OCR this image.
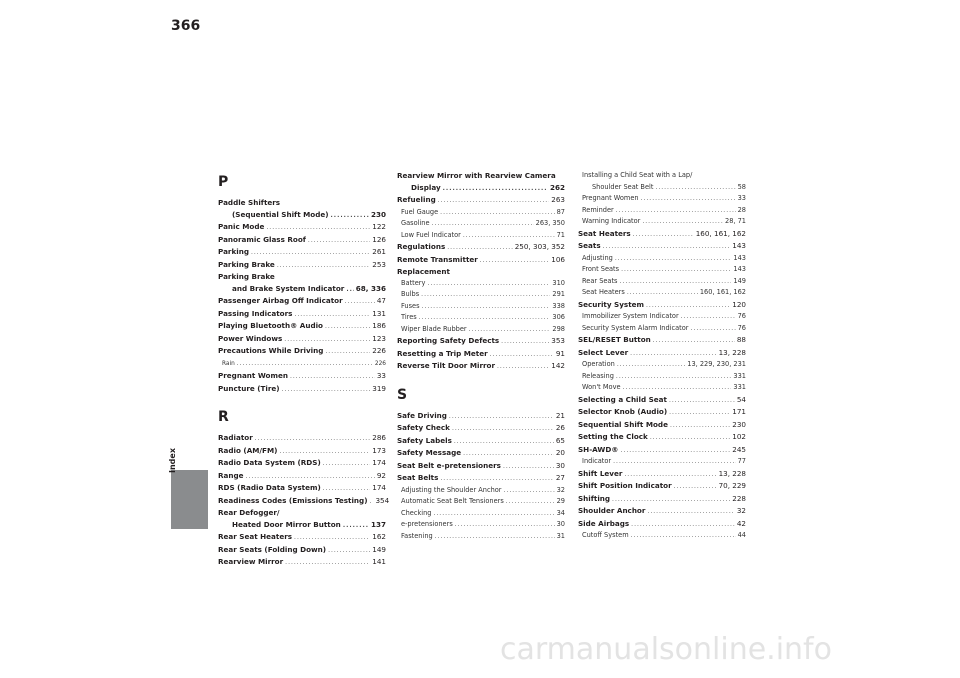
366
Index
P
Paddle Shifters
(Sequential Shift Mode) .....	230
Panic Mode .....	122
Panoramic Glass Roof .....	126
Parking .....	261
Parking Brake .....	253
Parking Brake
and Brake System Indicator ..... 68, 336
Passenger Airbag Off Indicator .....	47
Passing Indicators .....	131
Playing Bluetooth® Audio .....	186
Power Windows .....	123
Precautions While Driving .....	226
Rain .....	226
Pregnant Women .....	33
Puncture (Tire) .....	319
R
Radiator .....	286
Radio (AM/FM) .....	173
Radio Data System (RDS) .....	174
Range .....	92
RDS (Radio Data System) .....	174
Readiness Codes (Emissions Testing) ..... 354
Rear Defogger/
Heated Door Mirror Button .....	137
Rear Seat Heaters .....	162
Rear Seats (Folding Down) .....	149
Rearview Mirror .....	141
Rearview Mirror with Rearview Camera
Display .....	262
Refueling .....	263
Fuel Gauge .....	87
Gasoline .....	263, 350
Low Fuel Indicator .....	71
Regulations .....	250, 303, 352
Remote Transmitter .....	106
Replacement
Battery .....	310
Bulbs .....	291
Fuses .....	338
Tires .....	306
Wiper Blade Rubber .....	298
Reporting Safety Defects .....	353
Resetting a Trip Meter .....	91
Reverse Tilt Door Mirror .....	142
S
Safe Driving .....	21
Safety Check .....	26
Safety Labels .....	65
Safety Message .....	20
Seat Belt e-pretensioners .....	30
Seat Belts .....	27
Adjusting the Shoulder Anchor .....	32
Automatic Seat Belt Tensioners .....	29
Checking .....	34
e-pretensioners .....	30
Fastening .....	31
Installing a Child Seat with a Lap/
Shoulder Seat Belt .....	58
Pregnant Women .....	33
Reminder .....	28
Warning Indicator .....	28, 71
Seat Heaters .....	160, 161, 162
Seats .....	143
Adjusting .....	143
Front Seats .....	143
Rear Seats .....	149
Seat Heaters .....	160, 161, 162
Security System .....	120
Immobilizer System Indicator .....	76
Security System Alarm Indicator .....	76
SEL/RESET Button .....	88
Select Lever .....	13, 228
Operation .....	13, 229, 230, 231
Releasing .....	331
Won't Move .....	331
Selecting a Child Seat .....	54
Selector Knob (Audio) .....	171
Sequential Shift Mode .....	230
Setting the Clock .....	102
SH-AWD® .....	245
Indicator .....	77
Shift Lever .....	13, 228
Shift Position Indicator .....	70, 229
Shifting .....	228
Shoulder Anchor .....	32
Side Airbags .....	42
Cutoff System .....	44
carmanualsonline.info
